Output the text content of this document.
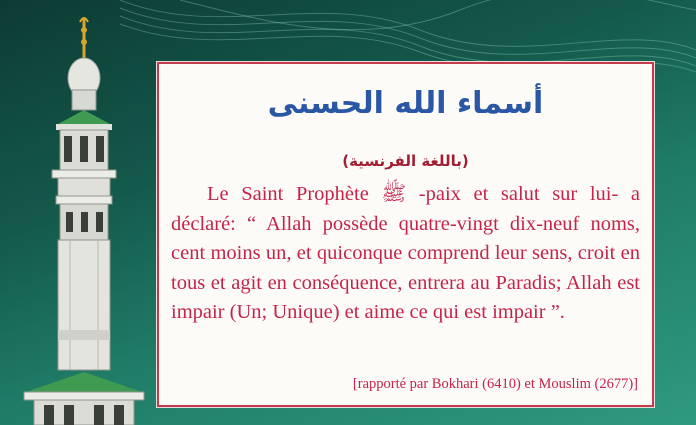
أسماء الله الحسنى
(باللغة الفرنسية)
Le Saint Prophète ﷺ -paix et salut sur lui- a déclaré: “ Allah possède quatre-vingt dix-neuf noms, cent moins un, et quiconque comprend leur sens, croit en tous et agit en conséquence, entrera au Paradis; Allah est impair (Un; Unique) et aime ce qui est impair ”.
[rapporté par Bokhari (6410) et Mouslim (2677)]
